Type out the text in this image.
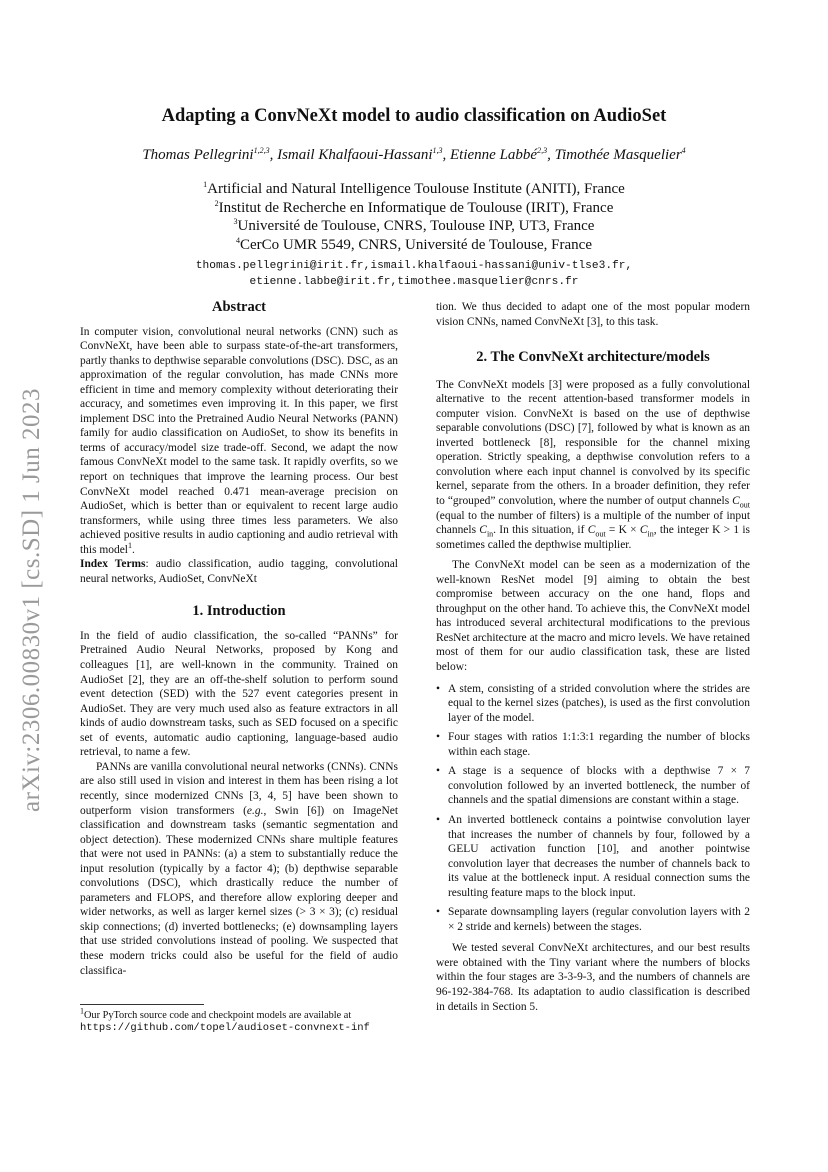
arXiv:2306.00830v1 [cs.SD] 1 Jun 2023
Adapting a ConvNeXt model to audio classification on AudioSet
Thomas Pellegrini$^{1,2,3}$, Ismail Khalfaoui-Hassani$^{1,3}$, Etienne Labbé$^{2,3}$, Timothée Masquelier$^4$
$^1$Artificial and Natural Intelligence Toulouse Institute (ANITI), France
$^2$Institut de Recherche en Informatique de Toulouse (IRIT), France
$^3$Université de Toulouse, CNRS, Toulouse INP, UT3, France
$^4$CerCo UMR 5549, CNRS, Université de Toulouse, France
thomas.pellegrini@irit.fr,ismail.khalfaoui-hassani@univ-tlse3.fr,
etienne.labbe@irit.fr,timothee.masquelier@cnrs.fr
Abstract

In computer vision, convolutional neural networks (CNN) such as ConvNeXt, have been able to surpass state-of-the-art transformers, partly thanks to depthwise separable convolutions (DSC). DSC, as an approximation of the regular convolution, has made CNNs more efficient in time and memory complexity without deteriorating their accuracy, and sometimes even improving it. In this paper, we first implement DSC into the Pretrained Audio Neural Networks (PANN) family for audio classification on AudioSet, to show its benefits in terms of accuracy/model size trade-off. Second, we adapt the now famous ConvNeXt model to the same task. It rapidly overfits, so we report on techniques that improve the learning process. Our best ConvNeXt model reached 0.471 mean-average precision on AudioSet, which is better than or equivalent to recent large audio transformers, while using three times less parameters. We also achieved positive results in audio captioning and audio retrieval with this model$^1$.

Index Terms: audio classification, audio tagging, convolutional neural networks, AudioSet, ConvNeXt

1. Introduction

In the field of audio classification, the so-called “PANNs” for Pretrained Audio Neural Networks, proposed by Kong and colleagues [1], are well-known in the community. Trained on AudioSet [2], they are an off-the-shelf solution to perform sound event detection (SED) with the 527 event categories present in AudioSet. They are very much used also as feature extractors in all kinds of audio downstream tasks, such as SED focused on a specific set of events, automatic audio captioning, language-based audio retrieval, to name a few.

PANNs are vanilla convolutional neural networks (CNNs). CNNs are also still used in vision and interest in them has been rising a lot recently, since modernized CNNs [3, 4, 5] have been shown to outperform vision transformers (e.g., Swin [6]) on ImageNet classification and downstream tasks (semantic segmentation and object detection). These modernized CNNs share multiple features that were not used in PANNs: (a) a stem to substantially reduce the input resolution (typically by a factor 4); (b) depthwise separable convolutions (DSC), which drastically reduce the number of parameters and FLOPS, and therefore allow exploring deeper and wider networks, as well as larger kernel sizes (> 3 × 3); (c) residual skip connections; (d) inverted bottlenecks; (e) downsampling layers that use strided convolutions instead of pooling. We suspected that these modern tricks could also be useful for the field of audio classifica-

tion. We thus decided to adapt one of the most popular modern vision CNNs, named ConvNeXt [3], to this task.

2. The ConvNeXt architecture/models

The ConvNeXt models [3] were proposed as a fully convolutional alternative to the recent attention-based transformer models in computer vision. ConvNeXt is based on the use of depthwise separable convolutions (DSC) [7], followed by what is known as an inverted bottleneck [8], responsible for the channel mixing operation. Strictly speaking, a depthwise convolution refers to a convolution where each input channel is convolved by its specific kernel, separate from the others. In a broader definition, they refer to “grouped” convolution, where the number of output channels $C_{out}$ (equal to the number of filters) is a multiple of the number of input channels $C_{in}$. In this situation, if $C_{out} = K \times C_{in}$, the integer K > 1 is sometimes called the depthwise multiplier.

The ConvNeXt model can be seen as a modernization of the well-known ResNet model [9] aiming to obtain the best compromise between accuracy on the one hand, flops and throughput on the other hand. To achieve this, the ConvNeXt model has introduced several architectural modifications to the previous ResNet architecture at the macro and micro levels. We have retained most of them for our audio classification task, these are listed below:

• A stem, consisting of a strided convolution where the strides are equal to the kernel sizes (patches), is used as the first convolution layer of the model.
• Four stages with ratios 1:1:3:1 regarding the number of blocks within each stage.
• A stage is a sequence of blocks with a depthwise 7 × 7 convolution followed by an inverted bottleneck, the number of channels and the spatial dimensions are constant within a stage.
• An inverted bottleneck contains a pointwise convolution layer that increases the number of channels by four, followed by a GELU activation function [10], and another pointwise convolution layer that decreases the number of channels back to its value at the bottleneck input. A residual connection sums the resulting feature maps to the block input.
• Separate downsampling layers (regular convolution layers with 2 × 2 stride and kernels) between the stages.

We tested several ConvNeXt architectures, and our best results were obtained with the Tiny variant where the numbers of blocks within the four stages are 3-3-9-3, and the numbers of channels are 96-192-384-768. Its adaptation to audio classification is described in details in Section 5.

$^1$Our PyTorch source code and checkpoint models are available at
https://github.com/topel/audioset-convnext-inf
